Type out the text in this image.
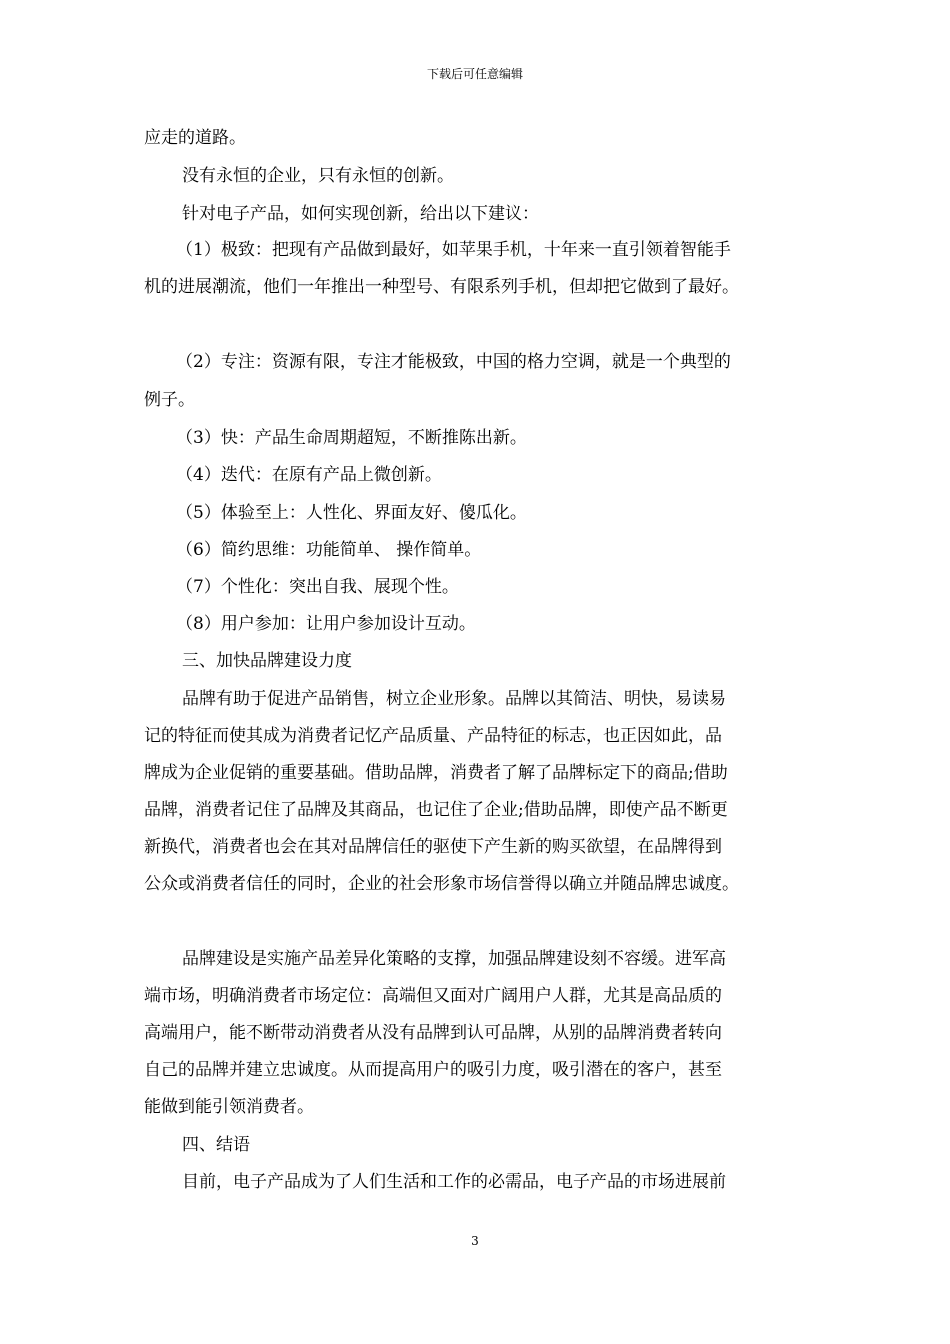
下载后可任意编辑

应走的道路。

没有永恒的企业，只有永恒的创新。

针对电子产品，如何实现创新，给出以下建议：

（1）极致：把现有产品做到最好，如苹果手机，十年来一直引领着智能手

机的进展潮流，他们一年推出一种型号、有限系列手机，但却把它做到了最好。

（2）专注：资源有限，专注才能极致，中国的格力空调，就是一个典型的

例子。

（3）快：产品生命周期超短，不断推陈出新。

（4）迭代：在原有产品上微创新。

（5）体验至上：人性化、界面友好、傻瓜化。

（6）简约思维：功能简单、 操作简单。

（7）个性化：突出自我、展现个性。

（8）用户参加：让用户参加设计互动。

三、加快品牌建设力度

品牌有助于促进产品销售，树立企业形象。品牌以其简洁、明快，易读易

记的特征而使其成为消费者记忆产品质量、产品特征的标志，也正因如此，品

牌成为企业促销的重要基础。借助品牌，消费者了解了品牌标定下的商品;借助

品牌，消费者记住了品牌及其商品，也记住了企业;借助品牌，即使产品不断更

新换代，消费者也会在其对品牌信任的驱使下产生新的购买欲望，在品牌得到

公众或消费者信任的同时，企业的社会形象市场信誉得以确立并随品牌忠诚度。

品牌建设是实施产品差异化策略的支撑，加强品牌建设刻不容缓。进军高

端市场，明确消费者市场定位：高端但又面对广阔用户人群，尤其是高品质的

高端用户，能不断带动消费者从没有品牌到认可品牌，从别的品牌消费者转向

自己的品牌并建立忠诚度。从而提高用户的吸引力度，吸引潜在的客户，甚至

能做到能引领消费者。

四、结语

目前，电子产品成为了人们生活和工作的必需品，电子产品的市场进展前

3
